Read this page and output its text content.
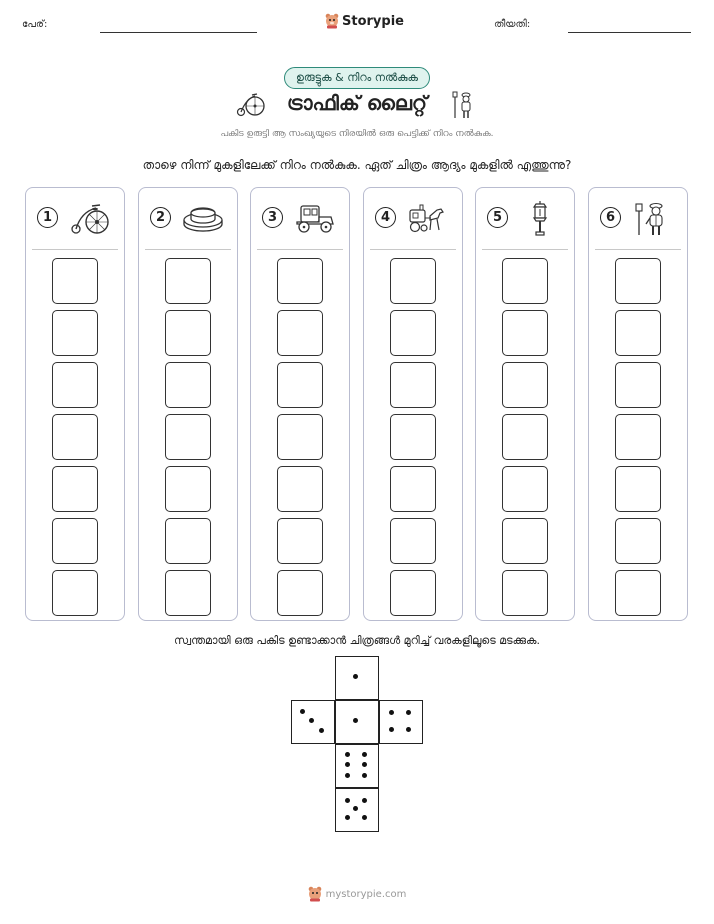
പേര്:	Storypie	തീയതി:
ഉരുട്ടുക & നിറം നൽകുക
ട്രാഫിക് ലൈറ്റ്
പകിട ഉരുട്ടി ആ സംഖ്യയുടെ നിരയിൽ ഒരു പെട്ടിക്ക് നിറം നൽകുക.
താഴെ നിന്ന് മുകളിലേക്ക് നിറം നൽകുക. ഏത് ചിത്രം ആദ്യം മുകളിൽ എത്തുന്നു?
1	2	3	4	5	6
സ്വന്തമായി ഒരു പകിട ഉണ്ടാക്കാൻ ചിത്രങ്ങൾ മുറിച്ച് വരകളിലൂടെ മടക്കുക.
mystorypie.com
